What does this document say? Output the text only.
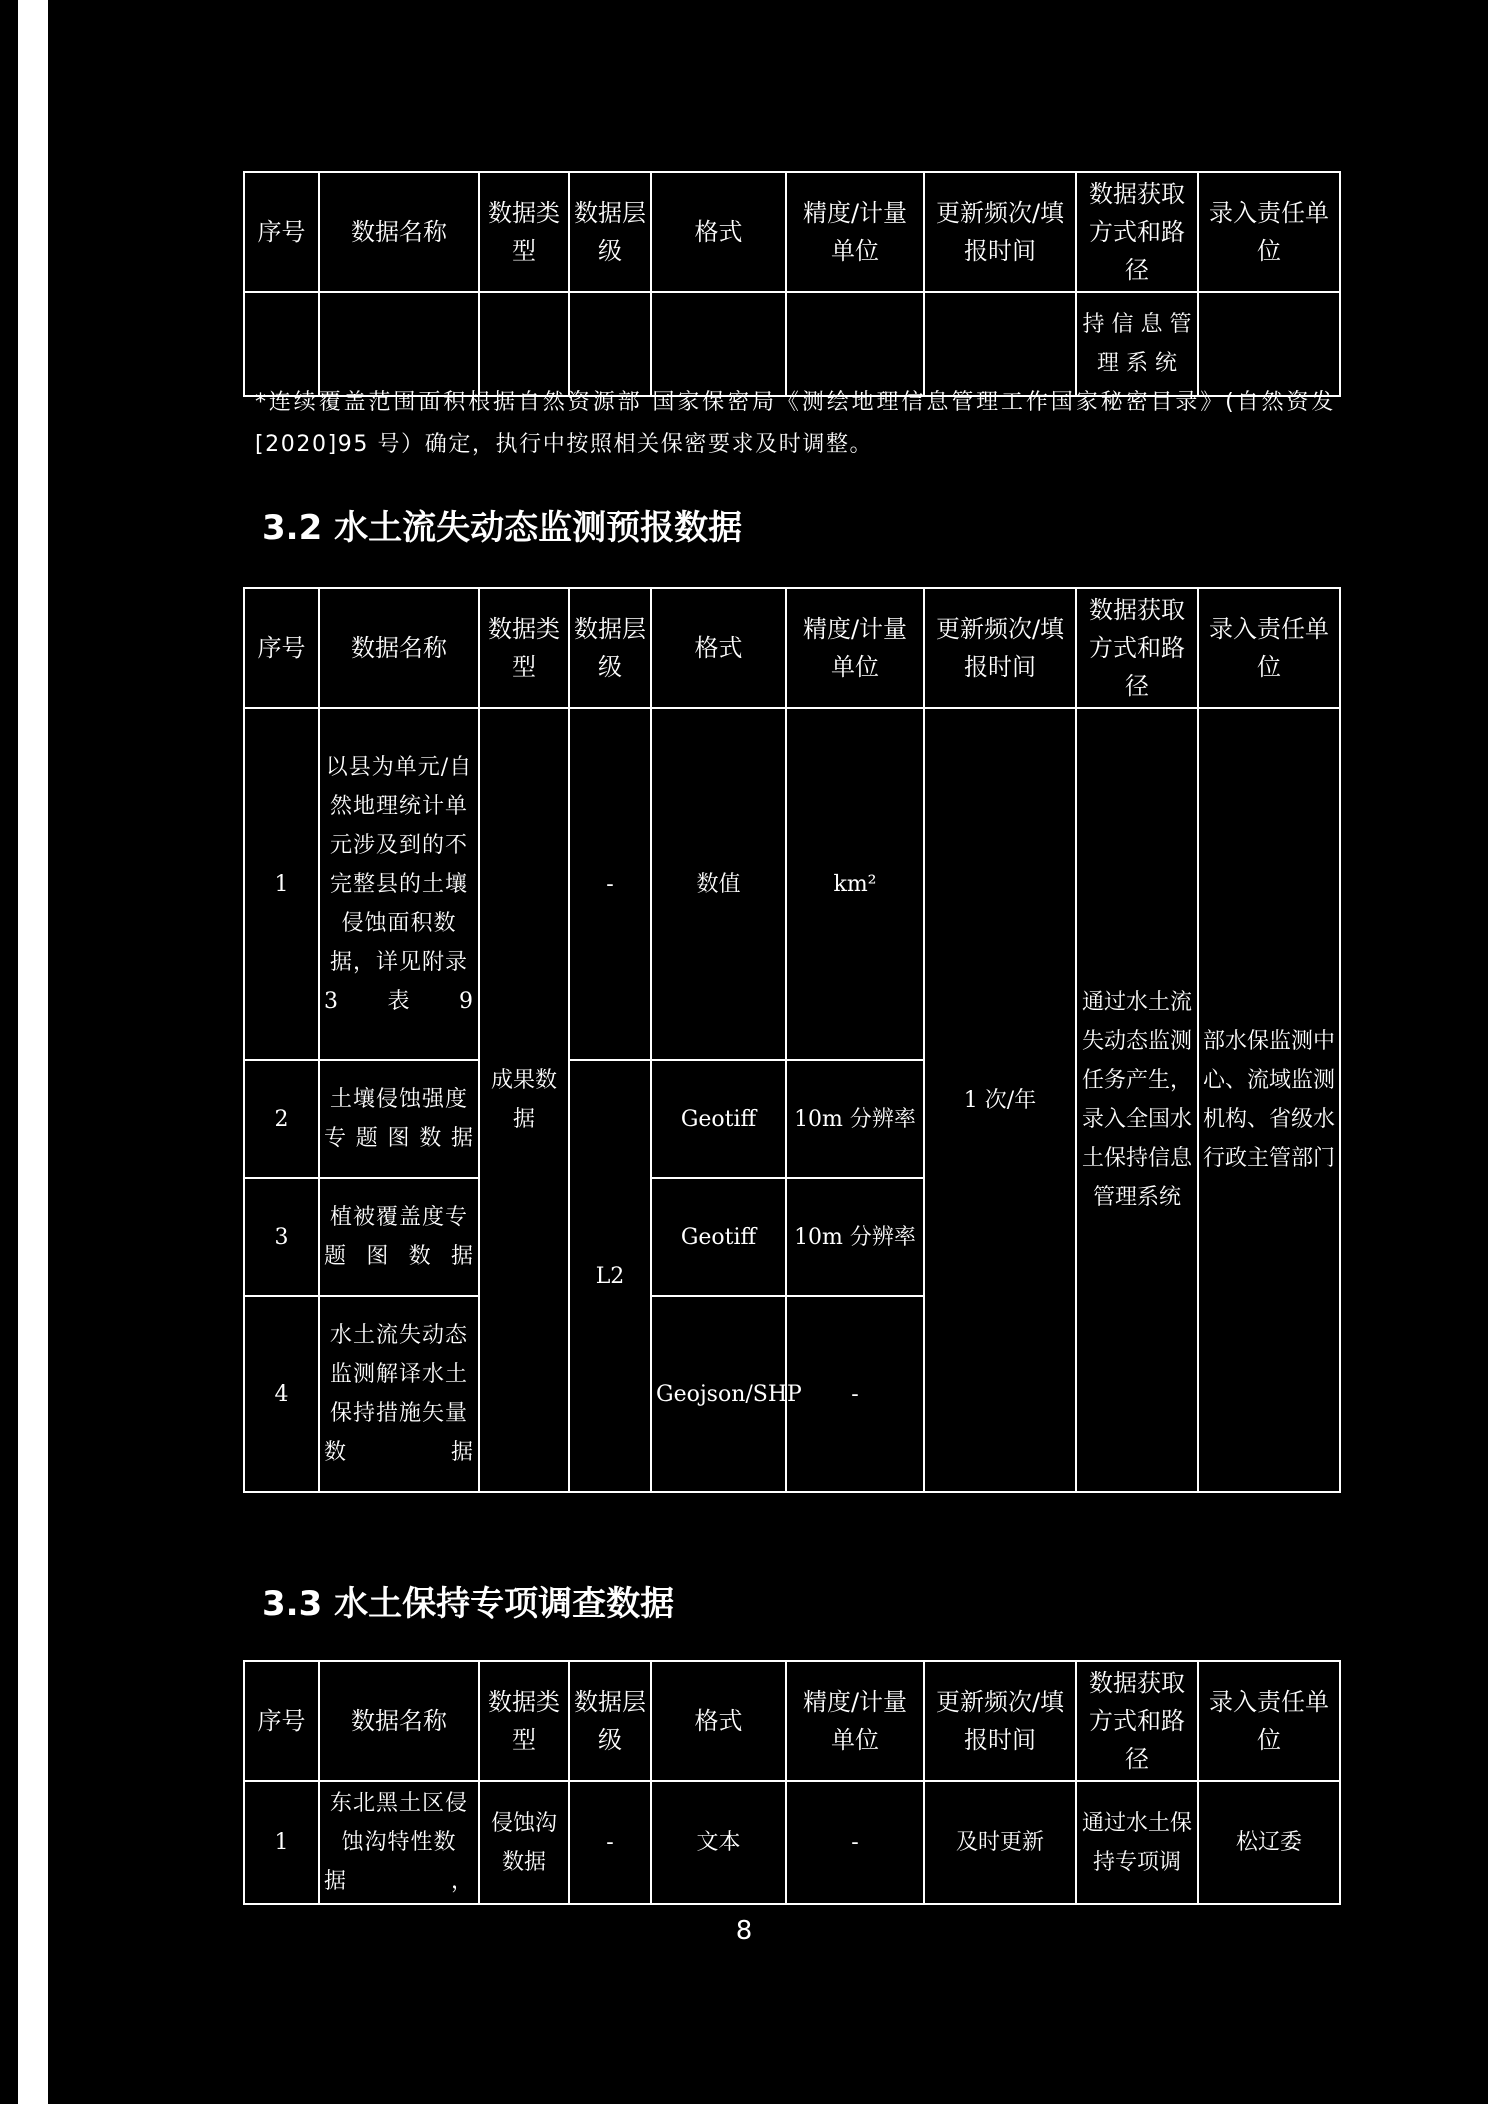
序号	数据名称	数据类型	数据层级	格式	精度/计量单位	更新频次/填报时间	数据获取方式和路径	录入责任单位
							持 信 息 管 理 系 统	
*连续覆盖范围面积根据自然资源部 国家保密局《测绘地理信息管理工作国家秘密目录》(自然资发[2020]95 号）确定，执行中按照相关保密要求及时调整。
3.2 水土流失动态监测预报数据
序号	数据名称	数据类型	数据层级	格式	精度/计量单位	更新频次/填报时间	数据获取方式和路径	录入责任单位
1	以县为单元/自然地理统计单元涉及到的不完整县的土壤侵蚀面积数据，详见附录3表9	成果数据	-	数值	km²	1 次/年	通过水土流失动态监测任务产生，录入全国水土保持信息管理系统	部水保监测中心、流域监测机构、省级水行政主管部门
2	土壤侵蚀强度专题图数据		L2	Geotiff	10m 分辨率			
3	植被覆盖度专题图数据			Geotiff	10m 分辨率			
4	水土流失动态监测解译水土保持措施矢量数据			Geojson/SHP	-			
3.3 水土保持专项调查数据
序号	数据名称	数据类型	数据层级	格式	精度/计量单位	更新频次/填报时间	数据获取方式和路径	录入责任单位
1	东北黑土区侵蚀沟特性数据，	侵蚀沟数据	-	文本	-	及时更新	通过水土保持专项调	松辽委
8
